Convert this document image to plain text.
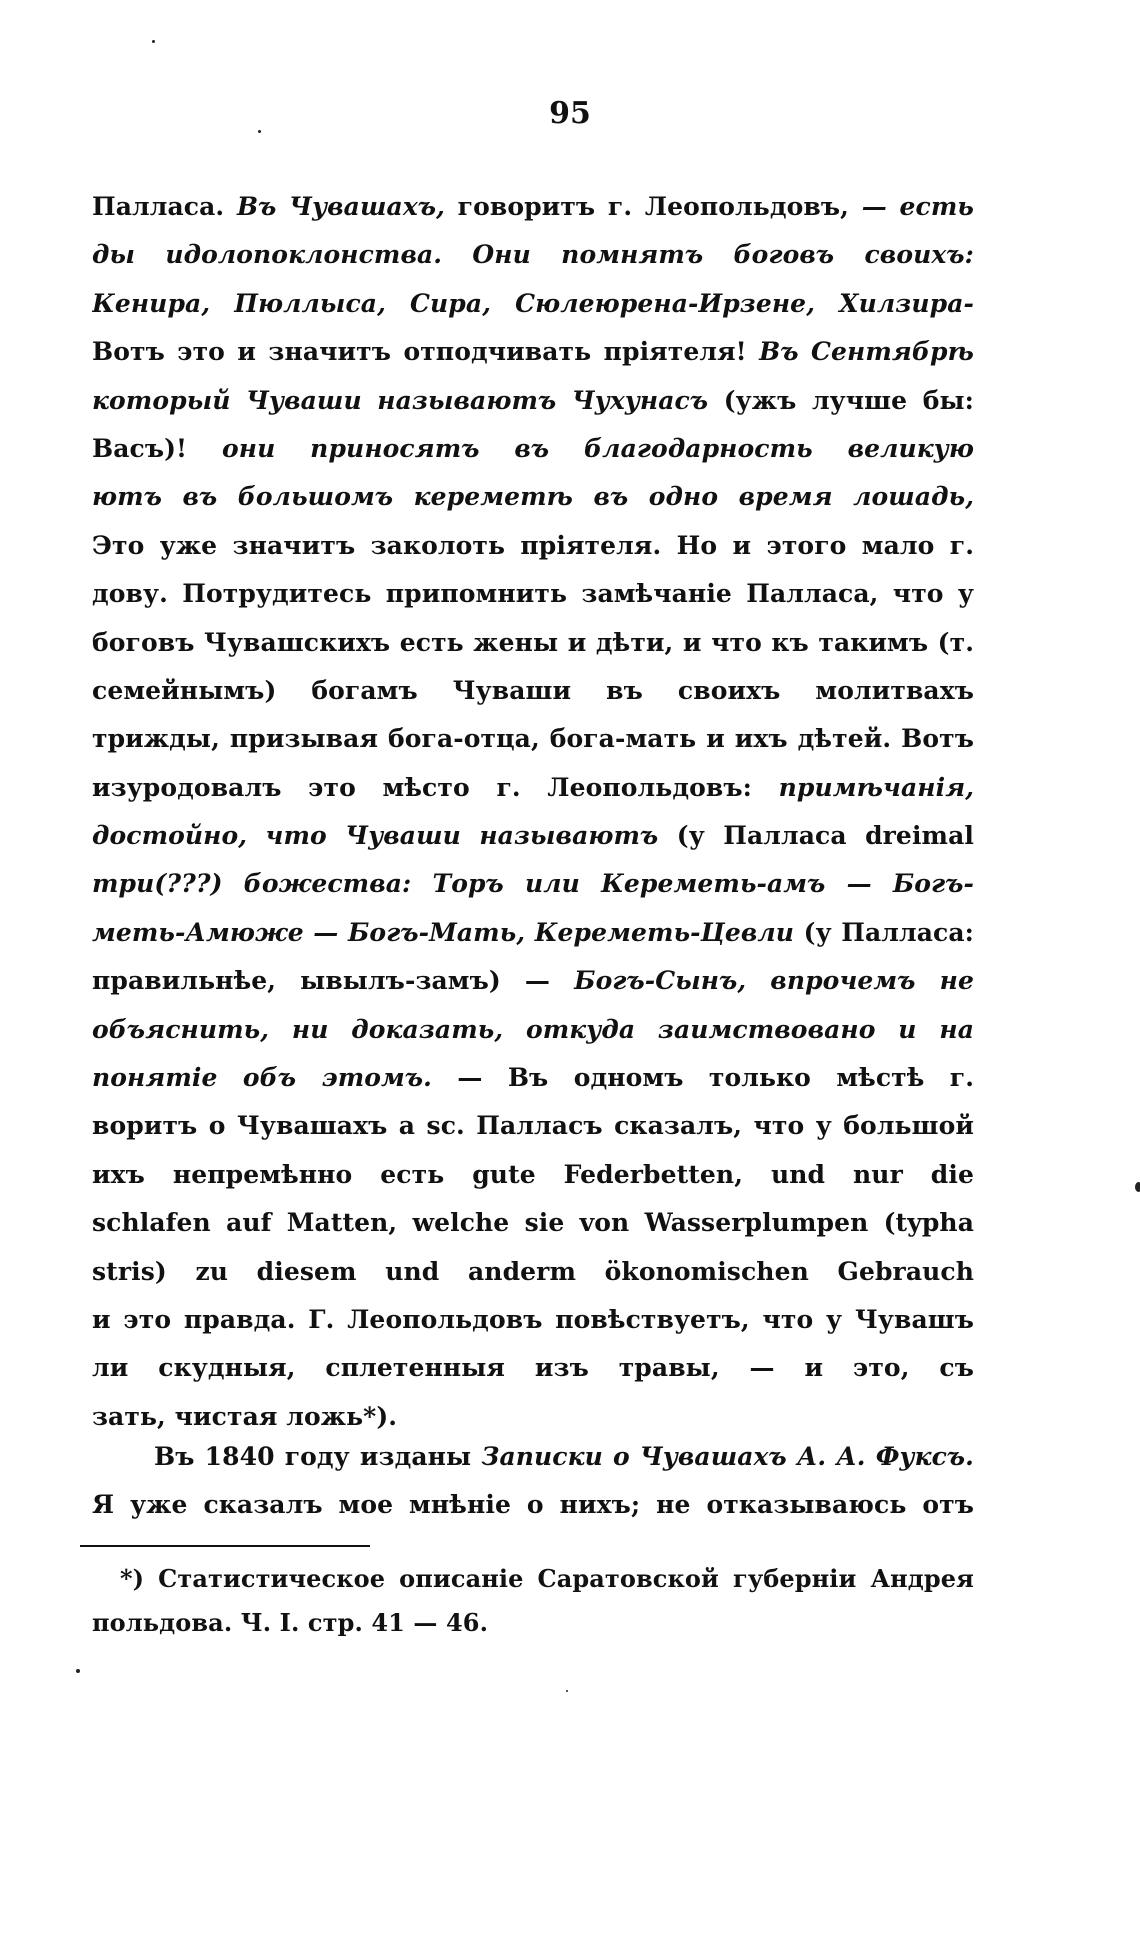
95
Палласа. Въ Чувашахъ, говоритъ г. Леопольдовъ, — есть
ды идолопоклонства. Они помнятъ боговъ своихъ:
Кенира, Пюллыса, Сира, Сюлеюрена-Ирзене, Хилзира-
Вотъ это и значитъ отподчивать пріятеля! Въ Сентябрѣ
который Чуваши называютъ Чухунасъ (ужъ лучше бы:
Васъ)! они приносятъ въ благодарность великую
ютъ въ большомъ кереметѣ въ одно время лошадь,
Это уже значитъ заколоть пріятеля. Но и этого мало г.
дову. Потрудитесь припомнить замѣчаніе Палласа, что у
боговъ Чувашскихъ есть жены и дѣти, и что къ такимъ (т.
семейнымъ) богамъ Чуваши въ своихъ молитвахъ
трижды, призывая бога-отца, бога-мать и ихъ дѣтей. Вотъ
изуродовалъ это мѣсто г. Леопольдовъ: примѣчанія,
достойно, что Чуваши называютъ (у Палласа dreimal
три(???) божества: Торъ или Кереметь-амъ — Богъ-
меть-Амюже — Богъ-Мать, Кереметь-Цевли (у Палласа:
правильнѣе, ывылъ-замъ) — Богъ-Сынъ, впрочемъ не
объяснить, ни доказать, откуда заимствовано и на
понятіе объ этомъ. — Въ одномъ только мѣстѣ г.
воритъ о Чувашахъ а sc. Палласъ сказалъ, что у большой
ихъ непремѣнно есть gute Federbetten, und nur die
schlafen auf Matten, welche sie von Wasserplumpen (typha
stris) zu diesem und anderm ökonomischen Gebrauch
и это правда. Г. Леопольдовъ повѣствуетъ, что у Чувашъ
ли скудныя, сплетенныя изъ травы, — и это, съ
зать, чистая ложь*).
Въ 1840 году изданы Записки о Чувашахъ А. А. Фуксъ.
Я уже сказалъ мое мнѣніе о нихъ; не отказываюсь отъ
*) Статистическое описаніе Саратовской губерніи Андрея
польдова. Ч. I. стр. 41 — 46.
